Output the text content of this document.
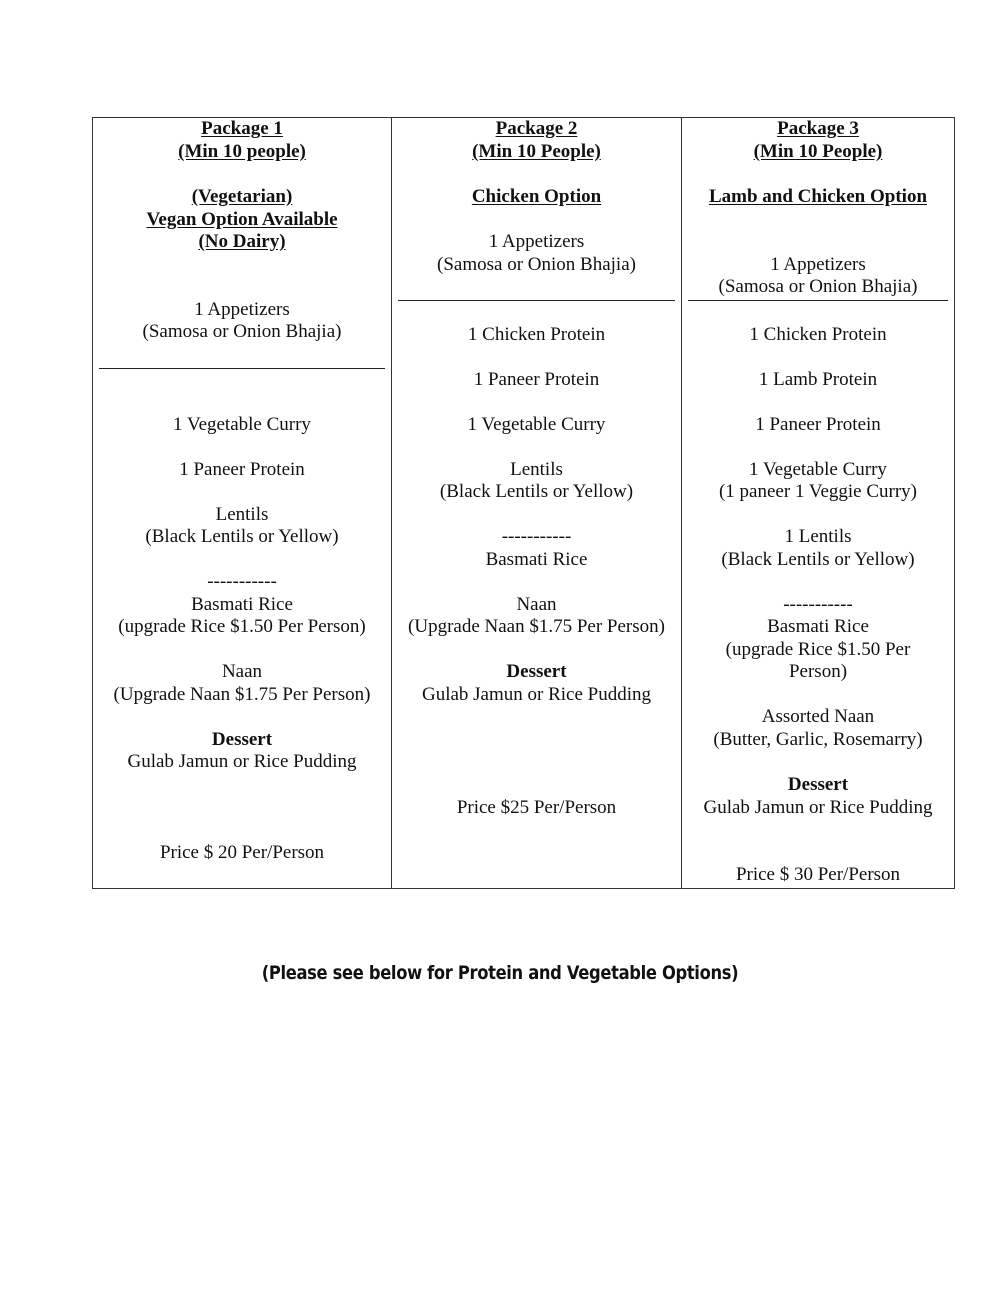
Package 1
(Min 10 people)
(Vegetarian)
Vegan Option Available
(No Dairy)
1 Appetizers
(Samosa or Onion Bhajia)
1 Vegetable Curry
1 Paneer Protein
Lentils
(Black Lentils or Yellow)
-----------
Basmati Rice
(upgrade Rice $1.50 Per Person)
Naan
(Upgrade Naan $1.75 Per Person)
Dessert
Gulab Jamun or Rice Pudding
Price $ 20 Per/Person

Package 2
(Min 10 People)
Chicken Option
1 Appetizers
(Samosa or Onion Bhajia)
1 Chicken Protein
1 Paneer Protein
1 Vegetable Curry
Lentils
(Black Lentils or Yellow)
-----------
Basmati Rice
Naan
(Upgrade Naan $1.75 Per Person)
Dessert
Gulab Jamun or Rice Pudding
Price $25 Per/Person

Package 3
(Min 10 People)
Lamb and Chicken Option
1 Appetizers
(Samosa or Onion Bhajia)
1 Chicken Protein
1 Lamb Protein
1 Paneer Protein
1 Vegetable Curry
(1 paneer 1 Veggie Curry)
1 Lentils
(Black Lentils or Yellow)
-----------
Basmati Rice
(upgrade Rice $1.50 Per
Person)
Assorted Naan
(Butter, Garlic, Rosemarry)
Dessert
Gulab Jamun or Rice Pudding
Price $ 30 Per/Person
(Please see below for Protein and Vegetable Options)
